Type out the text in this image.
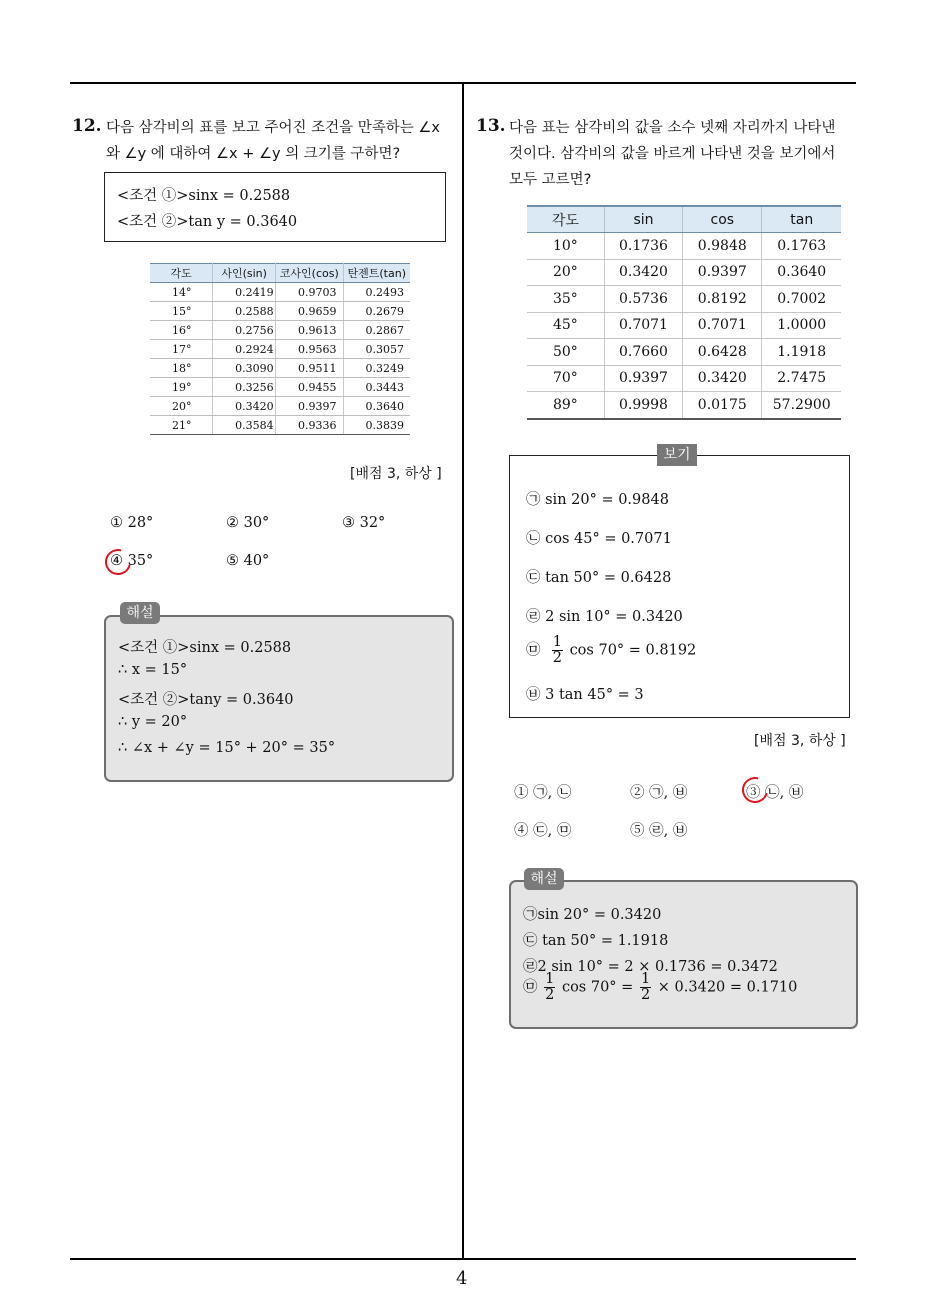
4
12. 다음 삼각비의 표를 보고 주어진 조건을 만족하는 ∠x
와 ∠y 에 대하여 ∠x + ∠y 의 크기를 구하면?
<조건 ①>sinx = 0.2588
<조건 ②>tan y = 0.3640
각도	사인(sin)	코사인(cos)	탄젠트(tan)
14°	0.2419	0.9703	0.2493
15°	0.2588	0.9659	0.2679
16°	0.2756	0.9613	0.2867
17°	0.2924	0.9563	0.3057
18°	0.3090	0.9511	0.3249
19°	0.3256	0.9455	0.3443
20°	0.3420	0.9397	0.3640
21°	0.3584	0.9336	0.3839
[배점 3, 하상 ]
① 28°	② 30°	③ 32°
④ 35°	⑤ 40°
<조건 ①>sinx = 0.2588
∴ x = 15°
<조건 ②>tany = 0.3640
∴ y = 20°
∴ ∠x + ∠y = 15° + 20° = 35°
해설
13. 다음 표는 삼각비의 값을 소수 넷째 자리까지 나타낸
것이다. 삼각비의 값을 바르게 나타낸 것을 보기에서
모두 고르면?
각도	sin	cos	tan
10°	0.1736	0.9848	0.1763
20°	0.3420	0.9397	0.3640
35°	0.5736	0.8192	0.7002
45°	0.7071	0.7071	1.0000
50°	0.7660	0.6428	1.1918
70°	0.9397	0.3420	2.7475
89°	0.9998	0.0175	57.2900
㉠ sin 20° = 0.9848
㉡ cos 45° = 0.7071
㉢ tan 50° = 0.6428
㉣ 2 sin 10° = 0.3420
㉤ $\frac{1}{2}$ cos 70° = 0.8192
㉥ 3 tan 45° = 3
보기
[배점 3, 하상 ]
① ㉠, ㉡	② ㉠, ㉥	③ ㉡, ㉥
④ ㉢, ㉤	⑤ ㉣, ㉥
㉠sin 20° = 0.3420
㉢ tan 50° = 1.1918
㉣2 sin 10° = 2 × 0.1736 = 0.3472
㉤ $\frac{1}{2}$ $\cos 70^\circ = \frac{1}{2} \times 0.3420 = 0.1710$
해설
